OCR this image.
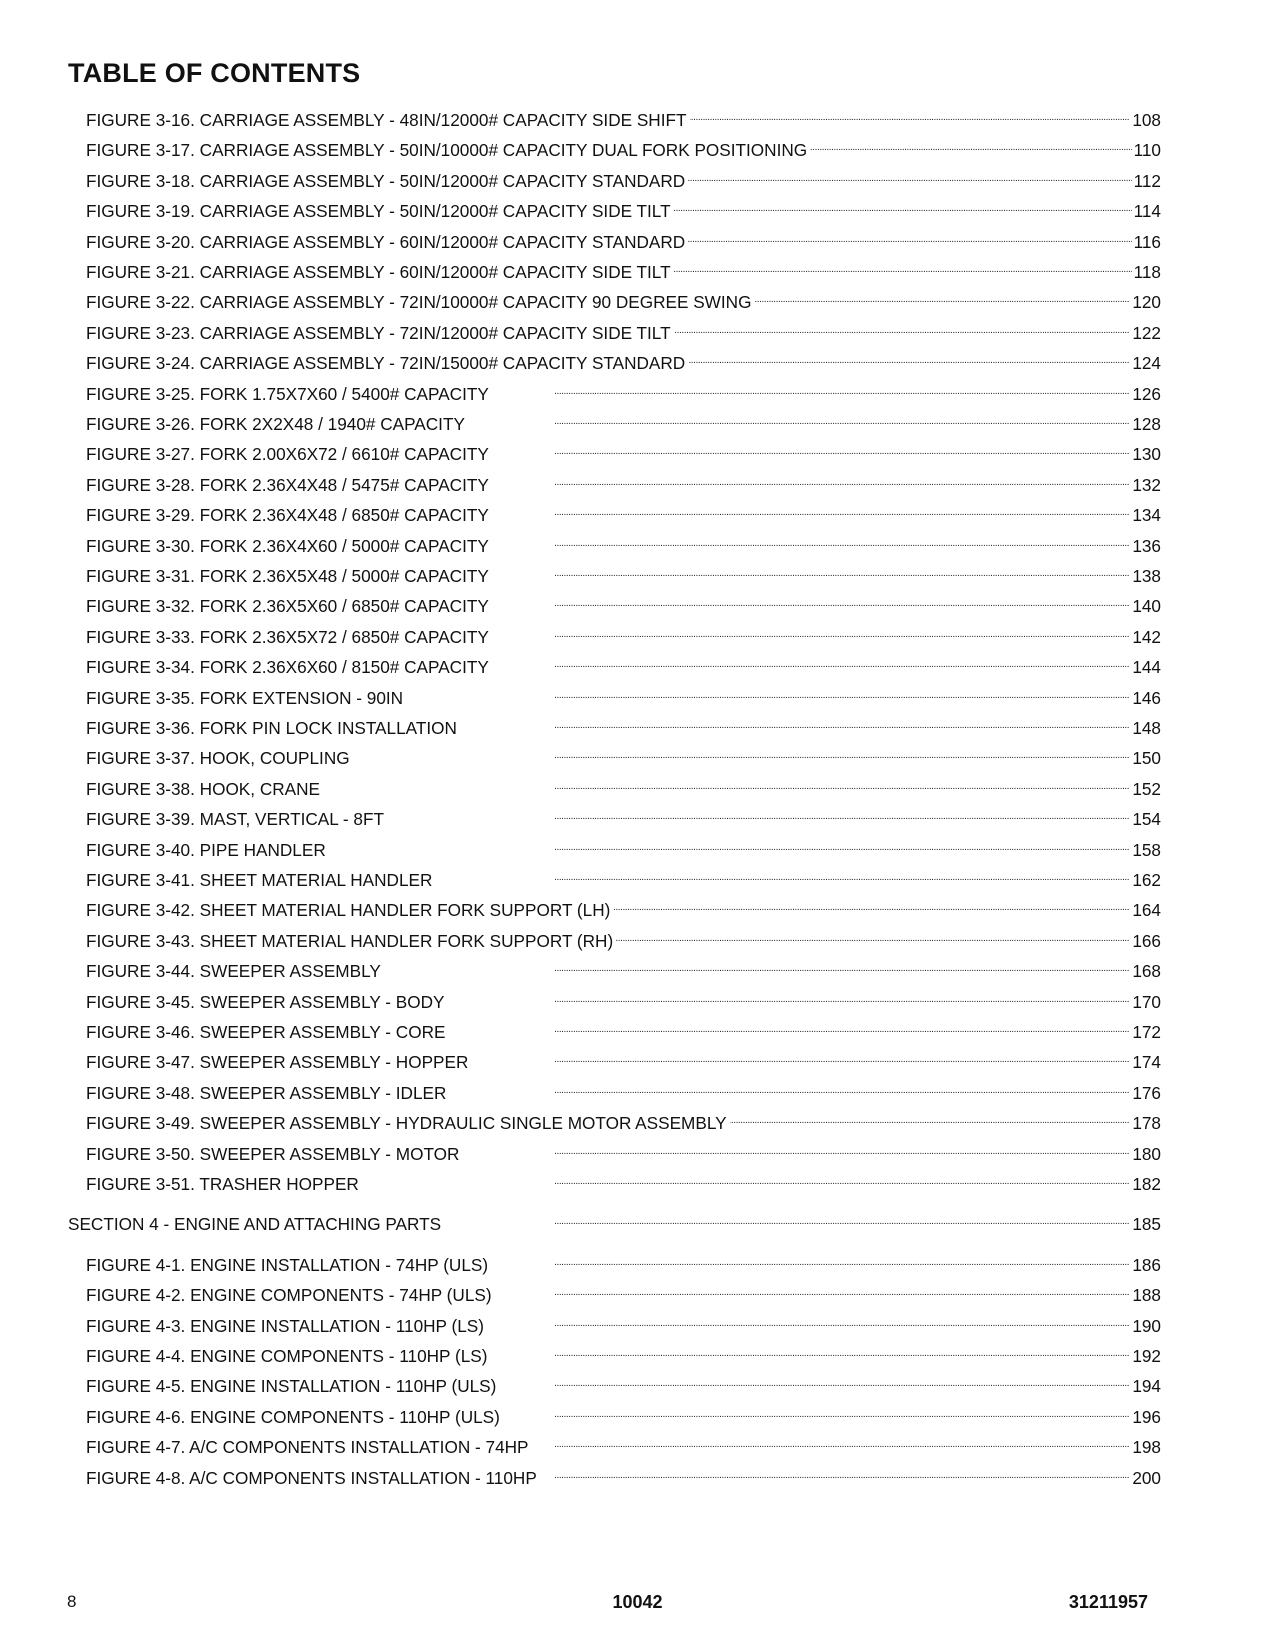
TABLE OF CONTENTS
FIGURE 3-16. CARRIAGE ASSEMBLY - 48IN/12000# CAPACITY SIDE SHIFT . . .	108
FIGURE 3-17. CARRIAGE ASSEMBLY - 50IN/10000# CAPACITY DUAL FORK POSITIONING . . .	110
FIGURE 3-18. CARRIAGE ASSEMBLY - 50IN/12000# CAPACITY STANDARD . . .	112
FIGURE 3-19. CARRIAGE ASSEMBLY - 50IN/12000# CAPACITY SIDE TILT . . .	114
FIGURE 3-20. CARRIAGE ASSEMBLY - 60IN/12000# CAPACITY STANDARD . . .	116
FIGURE 3-21. CARRIAGE ASSEMBLY - 60IN/12000# CAPACITY SIDE TILT . . .	118
FIGURE 3-22. CARRIAGE ASSEMBLY - 72IN/10000# CAPACITY 90 DEGREE SWING . . .	120
FIGURE 3-23. CARRIAGE ASSEMBLY - 72IN/12000# CAPACITY SIDE TILT . . .	122
FIGURE 3-24. CARRIAGE ASSEMBLY - 72IN/15000# CAPACITY STANDARD . . .	124
FIGURE 3-25. FORK 1.75X7X60 / 5400# CAPACITY . . .	126
FIGURE 3-26. FORK 2X2X48 / 1940# CAPACITY . . .	128
FIGURE 3-27. FORK 2.00X6X72 / 6610# CAPACITY . . .	130
FIGURE 3-28. FORK 2.36X4X48 / 5475# CAPACITY . . .	132
FIGURE 3-29. FORK 2.36X4X48 / 6850# CAPACITY . . .	134
FIGURE 3-30. FORK 2.36X4X60 / 5000# CAPACITY . . .	136
FIGURE 3-31. FORK 2.36X5X48 / 5000# CAPACITY . . .	138
FIGURE 3-32. FORK 2.36X5X60 / 6850# CAPACITY . . .	140
FIGURE 3-33. FORK 2.36X5X72 / 6850# CAPACITY . . .	142
FIGURE 3-34. FORK 2.36X6X60 / 8150# CAPACITY . . .	144
FIGURE 3-35. FORK EXTENSION - 90IN . . .	146
FIGURE 3-36. FORK PIN LOCK INSTALLATION . . .	148
FIGURE 3-37. HOOK, COUPLING . . .	150
FIGURE 3-38. HOOK, CRANE . . .	152
FIGURE 3-39. MAST, VERTICAL - 8FT . . .	154
FIGURE 3-40. PIPE HANDLER . . .	158
FIGURE 3-41. SHEET MATERIAL HANDLER . . .	162
FIGURE 3-42. SHEET MATERIAL HANDLER FORK SUPPORT (LH) . . .	164
FIGURE 3-43. SHEET MATERIAL HANDLER FORK SUPPORT (RH) . . .	166
FIGURE 3-44. SWEEPER ASSEMBLY . . .	168
FIGURE 3-45. SWEEPER ASSEMBLY - BODY . . .	170
FIGURE 3-46. SWEEPER ASSEMBLY - CORE . . .	172
FIGURE 3-47. SWEEPER ASSEMBLY - HOPPER . . .	174
FIGURE 3-48. SWEEPER ASSEMBLY - IDLER . . .	176
FIGURE 3-49. SWEEPER ASSEMBLY - HYDRAULIC SINGLE MOTOR ASSEMBLY . . .	178
FIGURE 3-50. SWEEPER ASSEMBLY - MOTOR . . .	180
FIGURE 3-51. TRASHER HOPPER . . .	182
SECTION 4 - ENGINE AND ATTACHING PARTS . . .	185
FIGURE 4-1. ENGINE INSTALLATION - 74HP (ULS) . . .	186
FIGURE 4-2. ENGINE COMPONENTS - 74HP (ULS) . . .	188
FIGURE 4-3. ENGINE INSTALLATION - 110HP (LS) . . .	190
FIGURE 4-4. ENGINE COMPONENTS - 110HP (LS) . . .	192
FIGURE 4-5. ENGINE INSTALLATION - 110HP (ULS) . . .	194
FIGURE 4-6. ENGINE COMPONENTS - 110HP (ULS) . . .	196
FIGURE 4-7. A/C COMPONENTS INSTALLATION - 74HP . . .	198
FIGURE 4-8. A/C COMPONENTS INSTALLATION - 110HP . . .	200
8	10042	31211957
